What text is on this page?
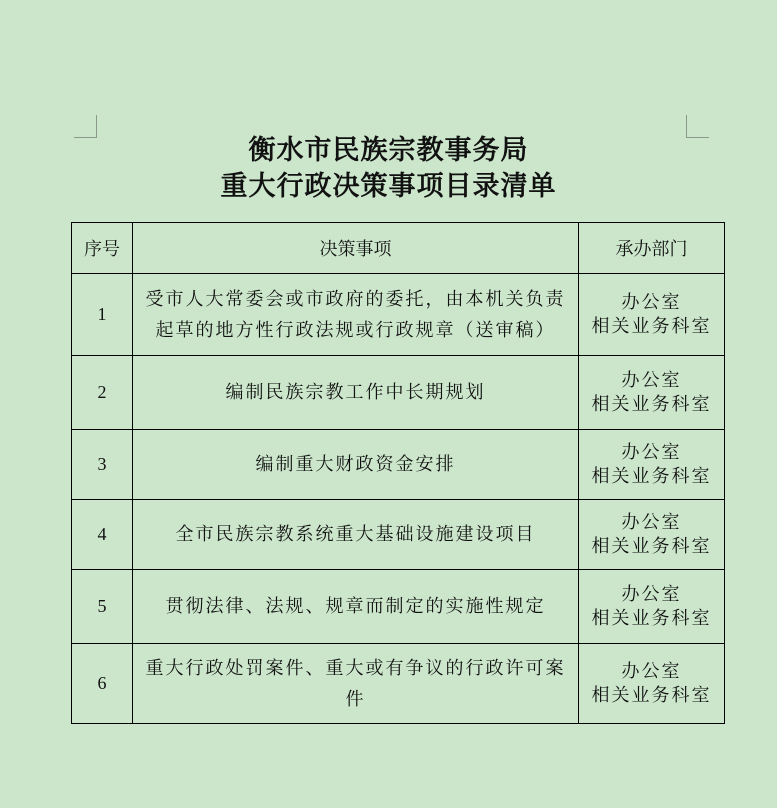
衡水市民族宗教事务局
重大行政决策事项目录清单
序号	决策事项	承办部门
1	受市人大常委会或市政府的委托，由本机关负责起草的地方性行政法规或行政规章（送审稿）	办公室
相关业务科室

2	编制民族宗教工作中长期规划	办公室
相关业务科室

3	编制重大财政资金安排	办公室
相关业务科室

4	全市民族宗教系统重大基础设施建设项目	办公室
相关业务科室

5	贯彻法律、法规、规章而制定的实施性规定	办公室
相关业务科室

6	重大行政处罚案件、重大或有争议的行政许可案件	办公室
相关业务科室
